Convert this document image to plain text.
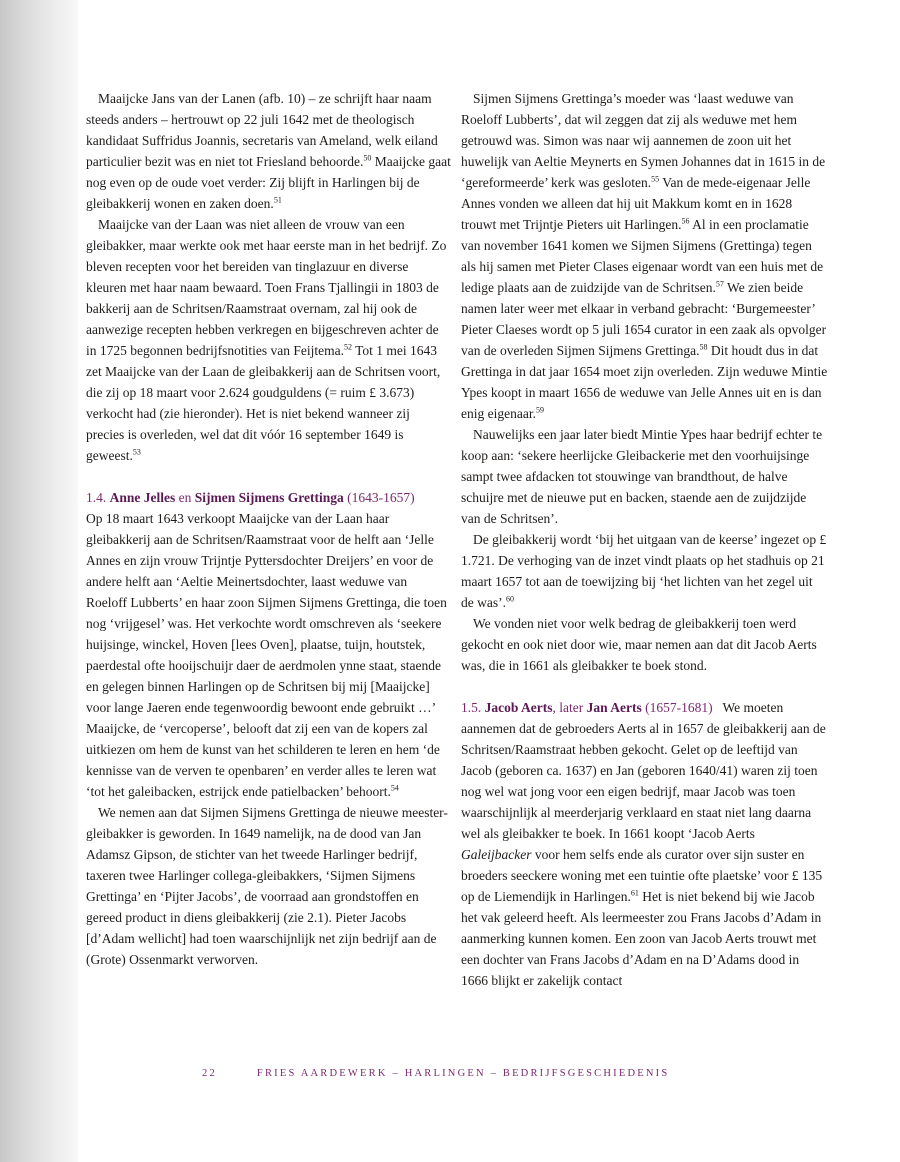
Maaijcke Jans van der Lanen (afb. 10) – ze schrijft haar naam steeds anders – hertrouwt op 22 juli 1642 met de theologisch kandidaat Suffridus Joannis, secretaris van Ameland, welk eiland particulier bezit was en niet tot Friesland behoorde.$^{50}$ Maaijcke gaat nog even op de oude voet verder: Zij blijft in Harlingen bij de gleibakkerij wonen en zaken doen.$^{51}$

Maaijcke van der Laan was niet alleen de vrouw van een gleibakker, maar werkte ook met haar eerste man in het bedrijf. Zo bleven recepten voor het bereiden van tinglazuur en diverse kleuren met haar naam bewaard. Toen Frans Tjallingii in 1803 de bakkerij aan de Schritsen/Raamstraat overnam, zal hij ook de aanwezige recepten hebben verkregen en bijgeschreven achter de in 1725 begonnen bedrijfsnotities van Feijtema.$^{52}$ Tot 1 mei 1643 zet Maaijcke van der Laan de gleibakkerij aan de Schritsen voort, die zij op 18 maart voor 2.624 goudguldens (= ruim £ 3.673) verkocht had (zie hieronder). Het is niet bekend wanneer zij precies is overleden, wel dat dit vóór 16 september 1649 is geweest.$^{53}$

1.4. Anne Jelles en Sijmen Sijmens Grettinga (1643-1657)

Op 18 maart 1643 verkoopt Maaijcke van der Laan haar gleibakkerij aan de Schritsen/Raamstraat voor de helft aan ‘Jelle Annes en zijn vrouw Trijntje Pyttersdochter Dreijers’ en voor de andere helft aan ‘Aeltie Meinertsdochter, laast weduwe van Roeloff Lubberts’ en haar zoon Sijmen Sijmens Grettinga, die toen nog ‘vrijgesel’ was. Het verkochte wordt omschreven als ‘seekere huijsinge, winckel, Hoven [lees Oven], plaatse, tuijn, houtstek, paerdestal ofte hooijschuijr daer de aerdmolen ynne staat, staende en gelegen binnen Harlingen op de Schritsen bij mij [Maaijcke] voor lange Jaeren ende tegenwoordig bewoont ende gebruikt …’ Maaijcke, de ‘vercoperse’, belooft dat zij een van de kopers zal uitkiezen om hem de kunst van het schilderen te leren en hem ‘de kennisse van de verven te openbaren’ en verder alles te leren wat ‘tot het galeibacken, estrijck ende patielbacken’ behoort.$^{54}$

We nemen aan dat Sijmen Sijmens Grettinga de nieuwe meester-gleibakker is geworden. In 1649 namelijk, na de dood van Jan Adamsz Gipson, de stichter van het tweede Harlinger bedrijf, taxeren twee Harlinger collega-gleibakkers, ‘Sijmen Sijmens Grettinga’ en ‘Pijter Jacobs’, de voorraad aan grondstoffen en gereed product in diens gleibakkerij (zie 2.1). Pieter Jacobs [d’Adam wellicht] had toen waarschijnlijk net zijn bedrijf aan de (Grote) Ossenmarkt verworven.

Sijmen Sijmens Grettinga’s moeder was ‘laast weduwe van Roeloff Lubberts’, dat wil zeggen dat zij als weduwe met hem getrouwd was. Simon was naar wij aannemen de zoon uit het huwelijk van Aeltie Meynerts en Symen Johannes dat in 1615 in de ‘gereformeerde’ kerk was gesloten.$^{55}$ Van de mede-eigenaar Jelle Annes vonden we alleen dat hij uit Makkum komt en in 1628 trouwt met Trijntje Pieters uit Harlingen.$^{56}$ Al in een proclamatie van november 1641 komen we Sijmen Sijmens (Grettinga) tegen als hij samen met Pieter Clases eigenaar wordt van een huis met de ledige plaats aan de zuidzijde van de Schritsen.$^{57}$ We zien beide namen later weer met elkaar in verband gebracht: ‘Burgemeester’ Pieter Claeses wordt op 5 juli 1654 curator in een zaak als opvolger van de overleden Sijmen Sijmens Grettinga.$^{58}$ Dit houdt dus in dat Grettinga in dat jaar 1654 moet zijn overleden. Zijn weduwe Mintie Ypes koopt in maart 1656 de weduwe van Jelle Annes uit en is dan enig eigenaar.$^{59}$

Nauwelijks een jaar later biedt Mintie Ypes haar bedrijf echter te koop aan: ‘sekere heerlijcke Gleibackerie met den voorhuijsinge sampt twee afdacken tot stouwinge van brandthout, de halve schuijre met de nieuwe put en backen, staende aen de zuijdzijde van de Schritsen’.

De gleibakkerij wordt ‘bij het uitgaan van de keerse’ ingezet op £ 1.721. De verhoging van de inzet vindt plaats op het stadhuis op 21 maart 1657 tot aan de toewijzing bij ‘het lichten van het zegel uit de was’.$^{60}$

We vonden niet voor welk bedrag de gleibakkerij toen werd gekocht en ook niet door wie, maar nemen aan dat dit Jacob Aerts was, die in 1661 als gleibakker te boek stond.

1.5. Jacob Aerts, later Jan Aerts (1657-1681) We moeten aannemen dat de gebroeders Aerts al in 1657 de gleibakkerij aan de Schritsen/Raamstraat hebben gekocht. Gelet op de leeftijd van Jacob (geboren ca. 1637) en Jan (geboren 1640/41) waren zij toen nog wel wat jong voor een eigen bedrijf, maar Jacob was toen waarschijnlijk al meerderjarig verklaard en staat niet lang daarna wel als gleibakker te boek. In 1661 koopt ‘Jacob Aerts Galeijbacker voor hem selfs ende als curator over sijn suster en broeders seeckere woning met een tuintie ofte plaetske’ voor £ 135 op de Liemendijk in Harlingen.$^{61}$ Het is niet bekend bij wie Jacob het vak geleerd heeft. Als leermeester zou Frans Jacobs d’Adam in aanmerking kunnen komen. Een zoon van Jacob Aerts trouwt met een dochter van Frans Jacobs d’Adam en na D’Adams dood in 1666 blijkt er zakelijk contact

22	FRIES AARDEWERK – HARLINGEN – BEDRIJFSGESCHIEDENIS
